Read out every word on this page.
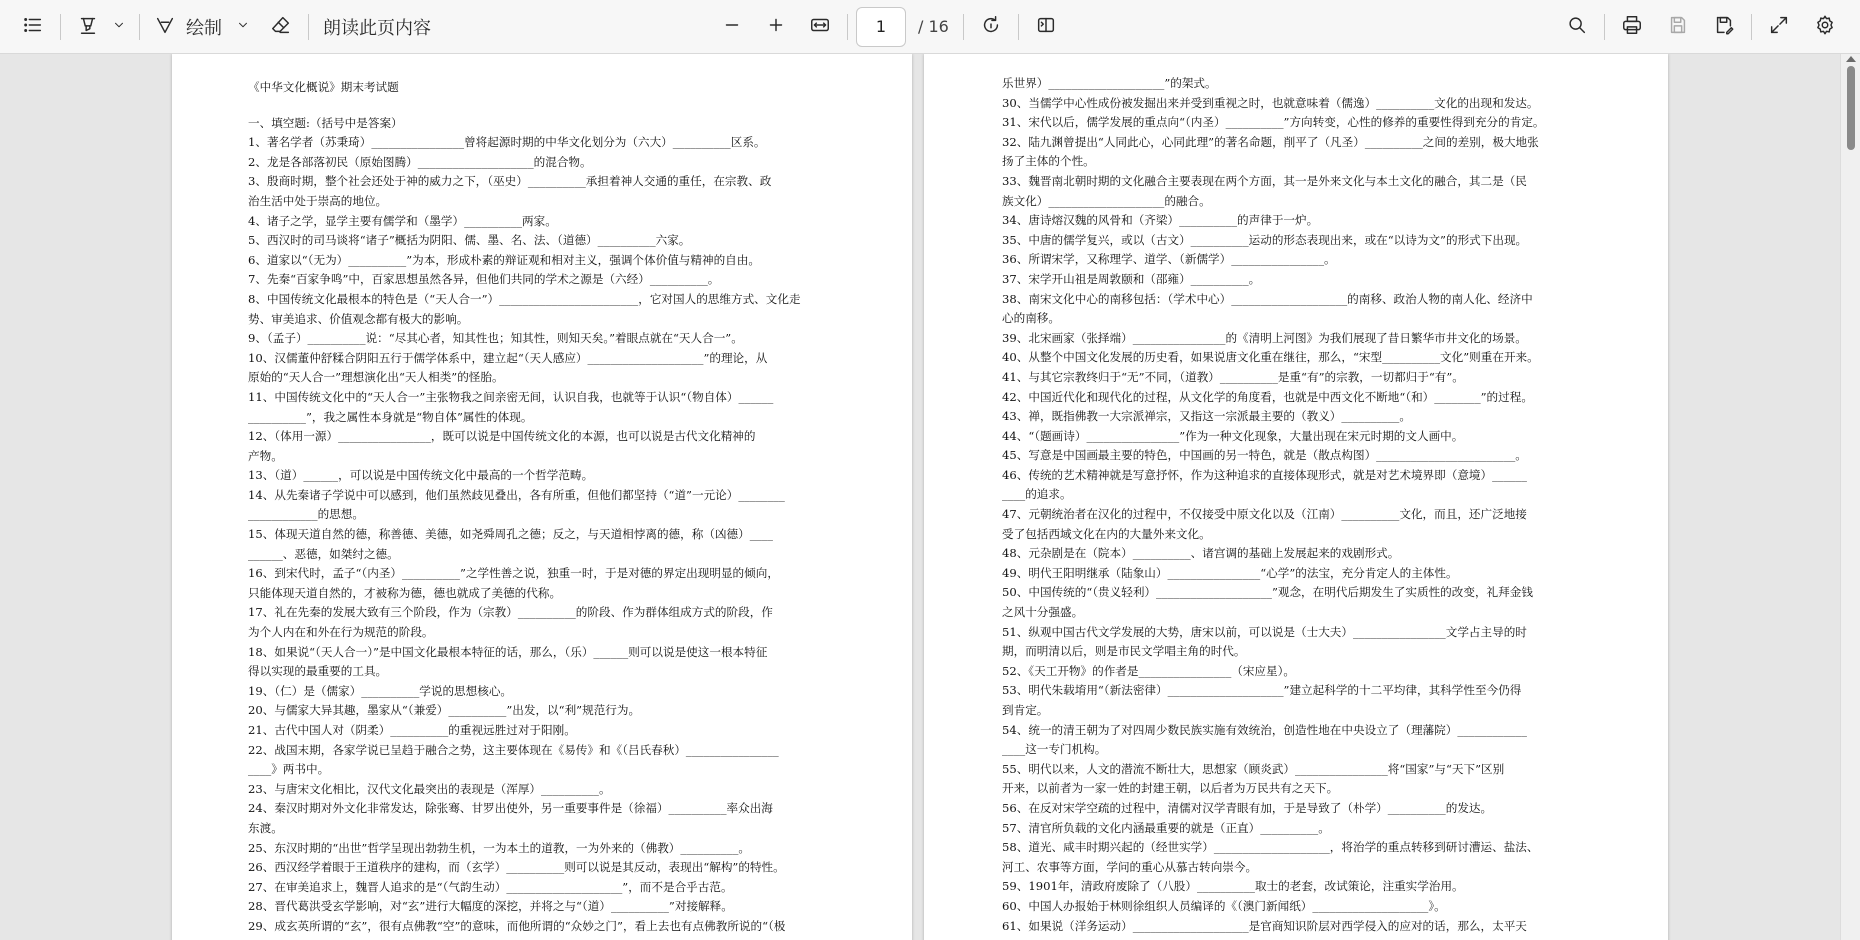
绘制	朗读此页内容
1	/ 16
《中华文化概说》期末考试题
一、填空题:（括号中是答案）
1、著名学者（苏秉琦）________________曾将起源时期的中华文化划分为（六大）__________区系。
2、龙是各部落初民（原始图腾）____________________的混合物。
3、殷商时期，整个社会还处于神的威力之下，（巫史）__________承担着神人交通的重任，在宗教、政
治生活中处于崇高的地位。
4、诸子之学，显学主要有儒学和（墨学）__________两家。
5、西汉时的司马谈将“诸子”概括为阴阳、儒、墨、名、法、（道德）__________六家。
6、道家以“（无为）__________”为本，形成朴素的辩证观和相对主义，强调个体价值与精神的自由。
7、先秦“百家争鸣”中，百家思想虽然各异，但他们共同的学术之源是（六经）__________。
8、中国传统文化最根本的特色是（“天人合一”）________________________，它对国人的思维方式、文化走
势、审美追求、价值观念都有极大的影响。
9、（孟子）__________说：“尽其心者，知其性也；知其性，则知天矣。”着眼点就在“天人合一”。
10、汉儒董仲舒糅合阴阳五行于儒学体系中，建立起“（天人感应）____________________”的理论，从
原始的“天人合一”理想演化出“天人相类”的怪胎。
11、中国传统文化中的“天人合一”主张物我之间亲密无间，认识自我，也就等于认识“（物自体）______
__________”，我之属性本身就是“物自体”属性的体现。
12、（体用一源）________________，既可以说是中国传统文化的本源，也可以说是古代文化精神的
产物。
13、（道）______，可以说是中国传统文化中最高的一个哲学范畴。
14、从先秦诸子学说中可以感到，他们虽然歧见叠出，各有所重，但他们都坚持（“道”一元论）________
____________的思想。
15、体现天道自然的德，称善德、美德，如尧舜周孔之德；反之，与天道相悖离的德，称（凶德）____
______、恶德，如桀纣之德。
16、到宋代时，孟子“（内圣）__________”之学性善之说，独重一时，于是对德的界定出现明显的倾向，
只能体现天道自然的，才被称为德，德也就成了美德的代称。
17、礼在先秦的发展大致有三个阶段，作为（宗教）__________的阶段、作为群体组成方式的阶段，作
为个人内在和外在行为规范的阶段。
18、如果说“（天人合一）”是中国文化最根本特征的话，那么，（乐）______则可以说是使这一根本特征
得以实现的最重要的工具。
19、（仁）是（儒家）__________学说的思想核心。
20、与儒家大异其趣，墨家从“（兼爱）__________”出发，以“利”规范行为。
21、古代中国人对（阴柔）__________的重视远胜过对于阳刚。
22、战国末期，各家学说已呈趋于融合之势，这主要体现在《易传》和《（吕氏春秋）________________
____》两书中。
23、与唐宋文化相比，汉代文化最突出的表现是（浑厚）__________。
24、秦汉时期对外文化非常发达，除张骞、甘罗出使外，另一重要事件是（徐福）__________率众出海
东渡。
25、东汉时期的“出世”哲学呈现出勃勃生机，一为本土的道教，一为外来的（佛教）__________。
26、西汉经学着眼于王道秩序的建构，而（玄学）__________则可以说是其反动，表现出“解构”的特性。
27、在审美追求上，魏晋人追求的是“（气韵生动）____________________”，而不是合乎古范。
28、晋代葛洪受玄学影响，对“玄”进行大幅度的深挖，并将之与“（道）__________”对接解释。
29、成玄英所谓的“玄”，很有点佛教“空”的意味，而他所谓的“众妙之门”，看上去也有点佛教所说的“（极
乐世界）____________________”的架式。
30、当儒学中心性成份被发掘出来并受到重视之时，也就意味着（儒逸）__________文化的出现和发达。
31、宋代以后，儒学发展的重点向“（内圣）__________”方向转变，心性的修养的重要性得到充分的肯定。
32、陆九渊曾提出“人同此心，心同此理”的著名命题，削平了（凡圣）__________之间的差别，极大地张
扬了主体的个性。
33、魏晋南北朝时期的文化融合主要表现在两个方面，其一是外来文化与本土文化的融合，其二是（民
族文化）____________________的融合。
34、唐诗熔汉魏的风骨和（齐梁）__________的声律于一炉。
35、中唐的儒学复兴，或以（古文）__________运动的形态表现出来，或在“以诗为文”的形式下出现。
36、所谓宋学，又称理学、道学、（新儒学）________________。
37、宋学开山祖是周敦颐和（邵雍）__________。
38、南宋文化中心的南移包括：（学术中心）____________________的南移、政治人物的南人化、经济中
心的南移。
39、北宋画家（张择端）________________的《清明上河图》为我们展现了昔日繁华市井文化的场景。
40、从整个中国文化发展的历史看，如果说唐文化重在继往，那么，“宋型__________文化”则重在开来。
41、与其它宗教终归于“无”不同，（道教）__________是重“有”的宗教，一切都归于“有”。
42、中国近代化和现代化的过程，从文化学的角度看，也就是中西文化不断地“（和）________”的过程。
43、禅，既指佛教一大宗派禅宗，又指这一宗派最主要的（教义）__________。
44、“（题画诗）________________”作为一种文化现象，大量出现在宋元时期的文人画中。
45、写意是中国画最主要的特色，中国画的另一特色，就是（散点构图）________________________。
46、传统的艺术精神就是写意抒怀，作为这种追求的直接体现形式，就是对艺术境界即（意境）______
____的追求。
47、元朝统治者在汉化的过程中，不仅接受中原文化以及（江南）__________文化，而且，还广泛地接
受了包括西域文化在内的大量外来文化。
48、元杂剧是在（院本）__________、诸宫调的基础上发展起来的戏剧形式。
49、明代王阳明继承（陆象山）________________“心学”的法宝，充分肯定人的主体性。
50、中国传统的“（贵义轻利）____________________”观念，在明代后期发生了实质性的改变，礼拜金钱
之风十分强盛。
51、纵观中国古代文学发展的大势，唐宋以前，可以说是（士大夫）________________文学占主导的时
期，而明清以后，则是市民文学唱主角的时代。
52、《天工开物》的作者是________________（宋应星）。
53、明代朱载堉用“（新法密律）____________________”建立起科学的十二平均律，其科学性至今仍得
到肯定。
54、统一的清王朝为了对四周少数民族实施有效统治，创造性地在中央设立了（理藩院）____________
____这一专门机构。
55、明代以来，人文的潜流不断壮大，思想家（顾炎武）________________将“国家”与“天下”区别
开来，以前者为一家一姓的封建王朝，以后者为万民共有之天下。
56、在反对宋学空疏的过程中，清儒对汉学青眼有加，于是导致了（朴学）__________的发达。
57、清官所负载的文化内涵最重要的就是（正直）__________。
58、道光、咸丰时期兴起的（经世实学）____________________，将治学的重点转移到研讨漕运、盐法、
河工、农事等方面，学问的重心从慕古转向崇今。
59、1901年，清政府废除了（八股）__________取士的老套，改试策论，注重实学治用。
60、中国人办报始于林则徐组织人员编译的《（澳门新闻纸）____________________》。
61、如果说（洋务运动）____________________是官商知识阶层对西学侵入的应对的话，那么，太平天
